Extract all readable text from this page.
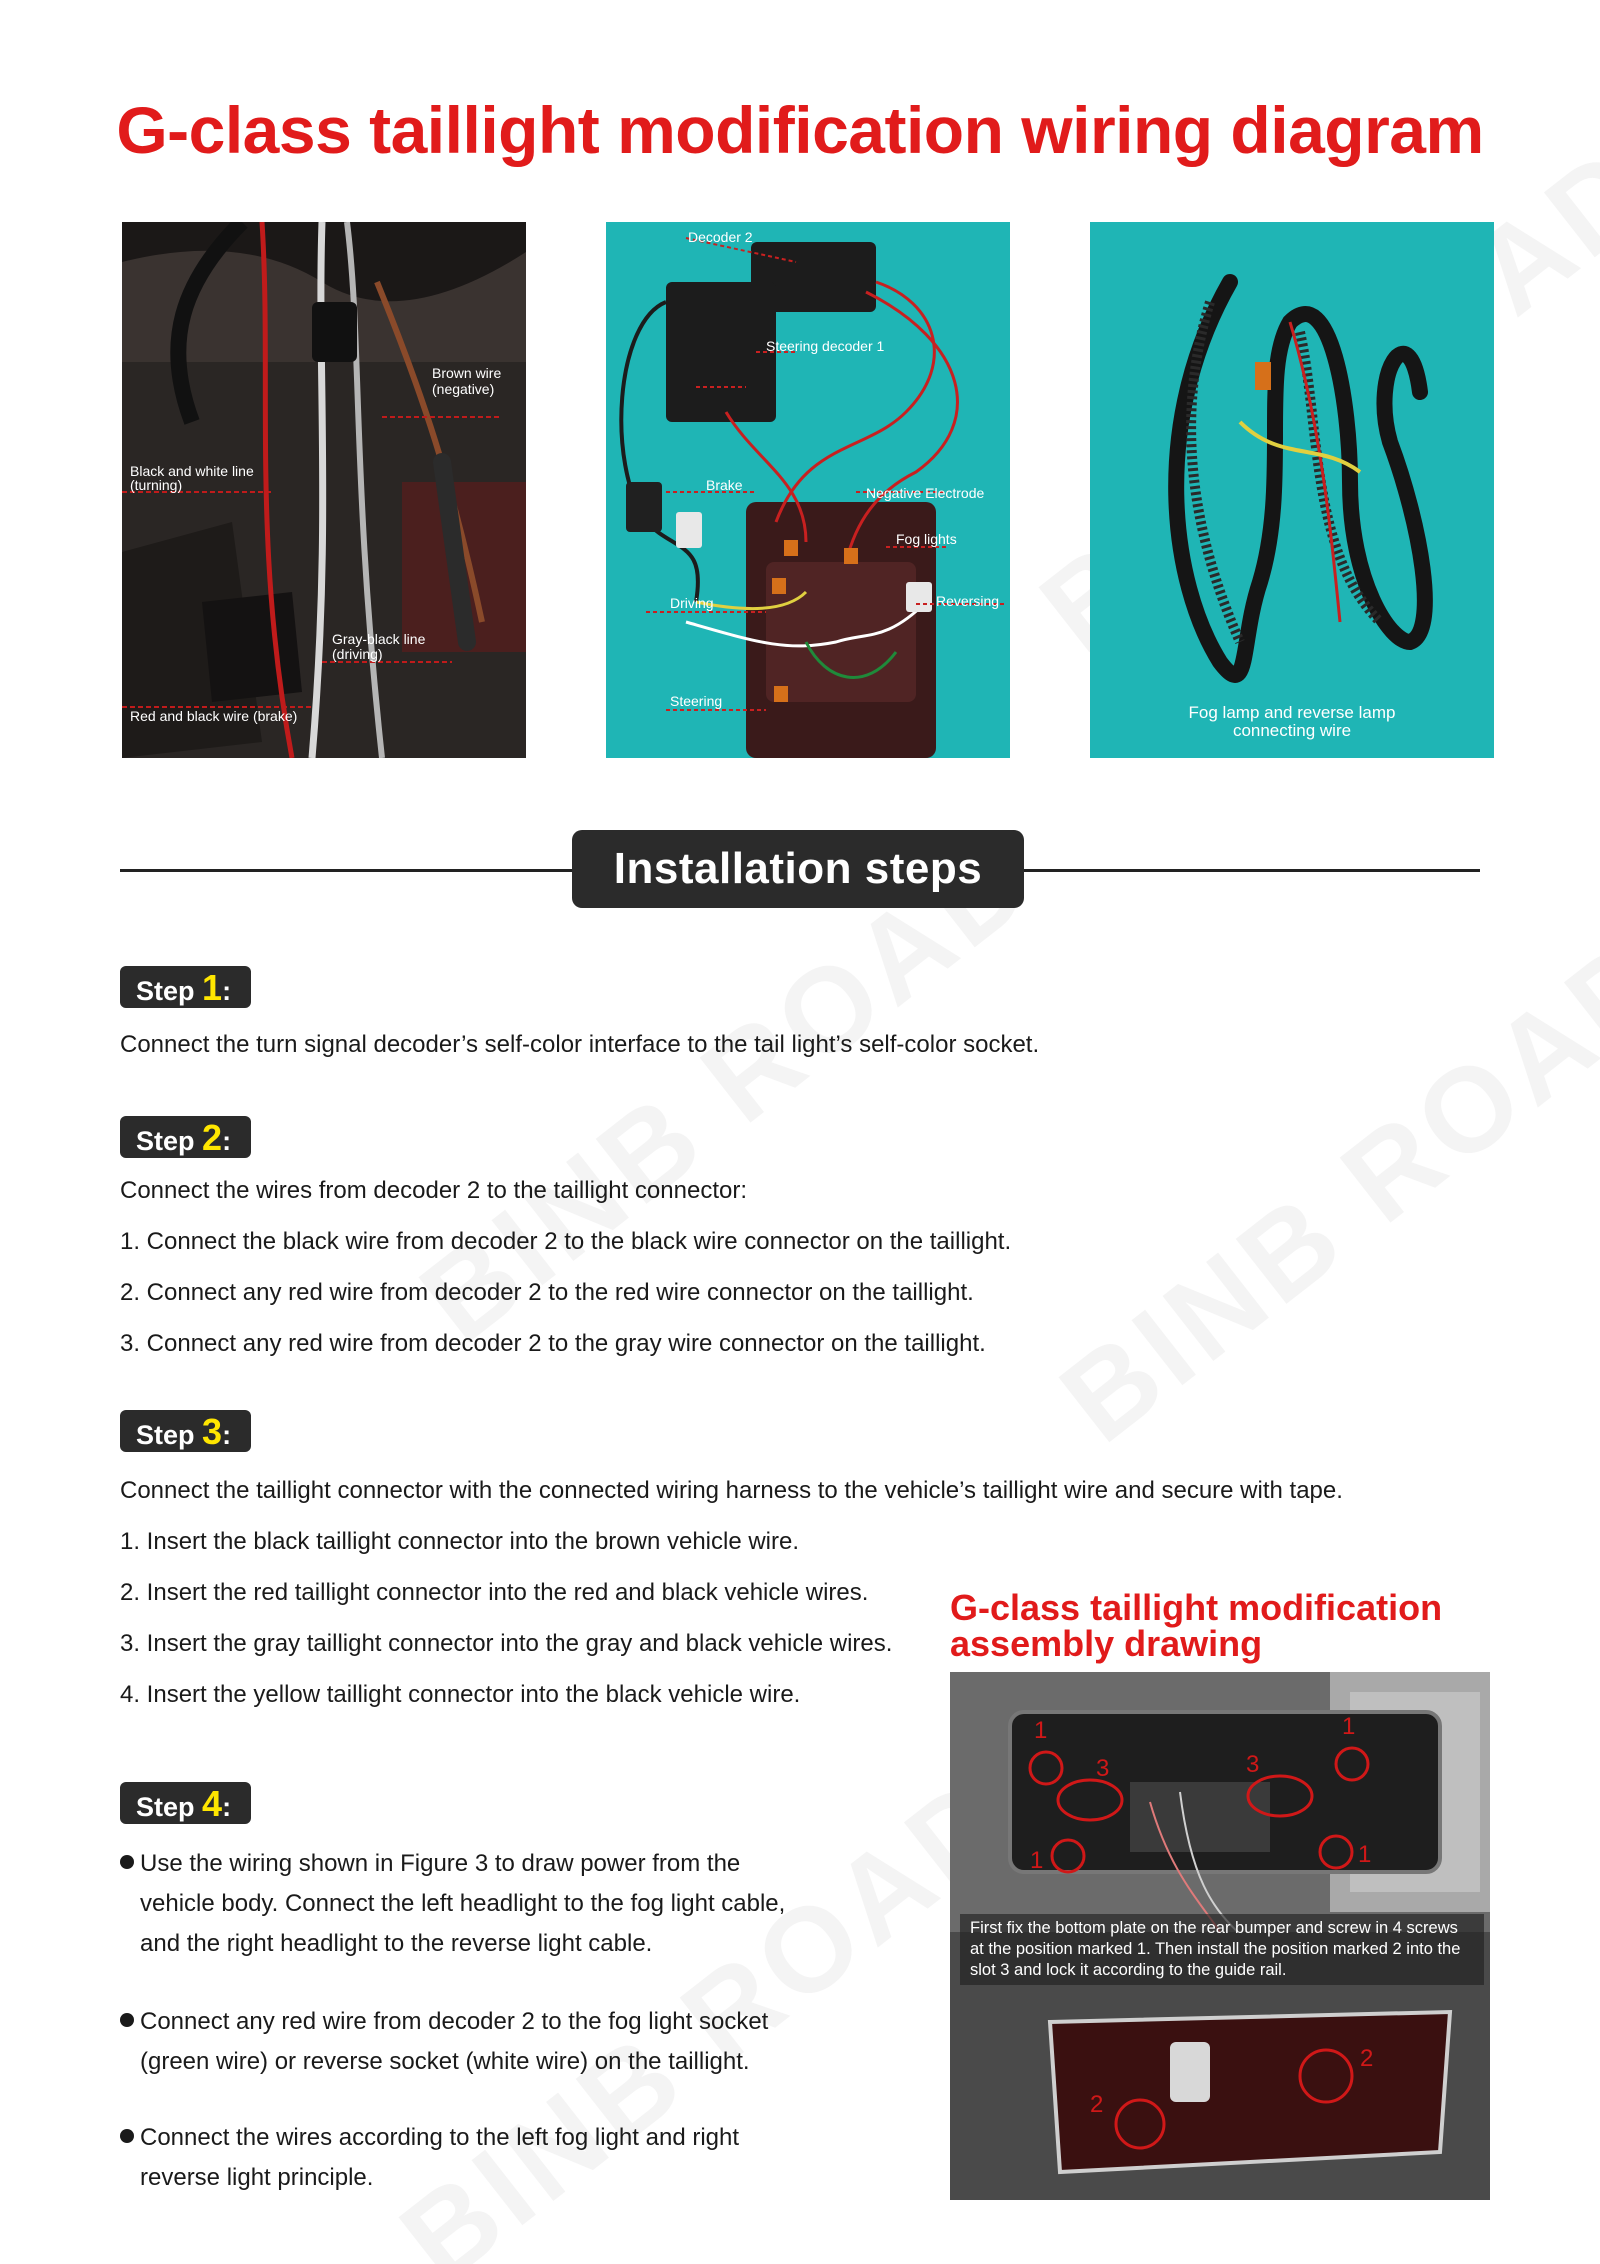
G-class taillight modification wiring diagram
Brown wire
(negative)
Black and white line
(turning)
Gray-black line
(driving)
Red and black wire (brake)
Decoder 2
Steering decoder 1
Brake	Negative Electrode
Fog lights
Driving	Reversing
Steering
Fog lamp and reverse lamp
connecting wire
Installation steps
Step 1:
Connect the turn signal decoder’s self-color interface to the tail light’s self-color socket.
Step 2:
Connect the wires from decoder 2 to the taillight connector:
1. Connect the black wire from decoder 2 to the black wire connector on the taillight.
2. Connect any red wire from decoder 2 to the red wire connector on the taillight.
3. Connect any red wire from decoder 2 to the gray wire connector on the taillight.
Step 3:
Connect the taillight connector with the connected wiring harness to the vehicle’s taillight wire and secure with tape.
1. Insert the black taillight connector into the brown vehicle wire.
2. Insert the red taillight connector into the red and black vehicle wires.
3. Insert the gray taillight connector into the gray and black vehicle wires.
4. Insert the yellow taillight connector into the black vehicle wire.
Step 4:
Use the wiring shown in Figure 3 to draw power from the vehicle body. Connect the left headlight to the fog light cable, and the right headlight to the reverse light cable.
Connect any red wire from decoder 2 to the fog light socket (green wire) or reverse socket (white wire) on the taillight.
Connect the wires according to the left fog light and right reverse light principle.
G-class taillight modification
assembly drawing
1	1
1	1
3	3
2
2
First fix the bottom plate on the rear bumper and screw in 4 screws at the position marked 1. Then install the position marked 2 into the slot 3 and lock it according to the guide rail.
